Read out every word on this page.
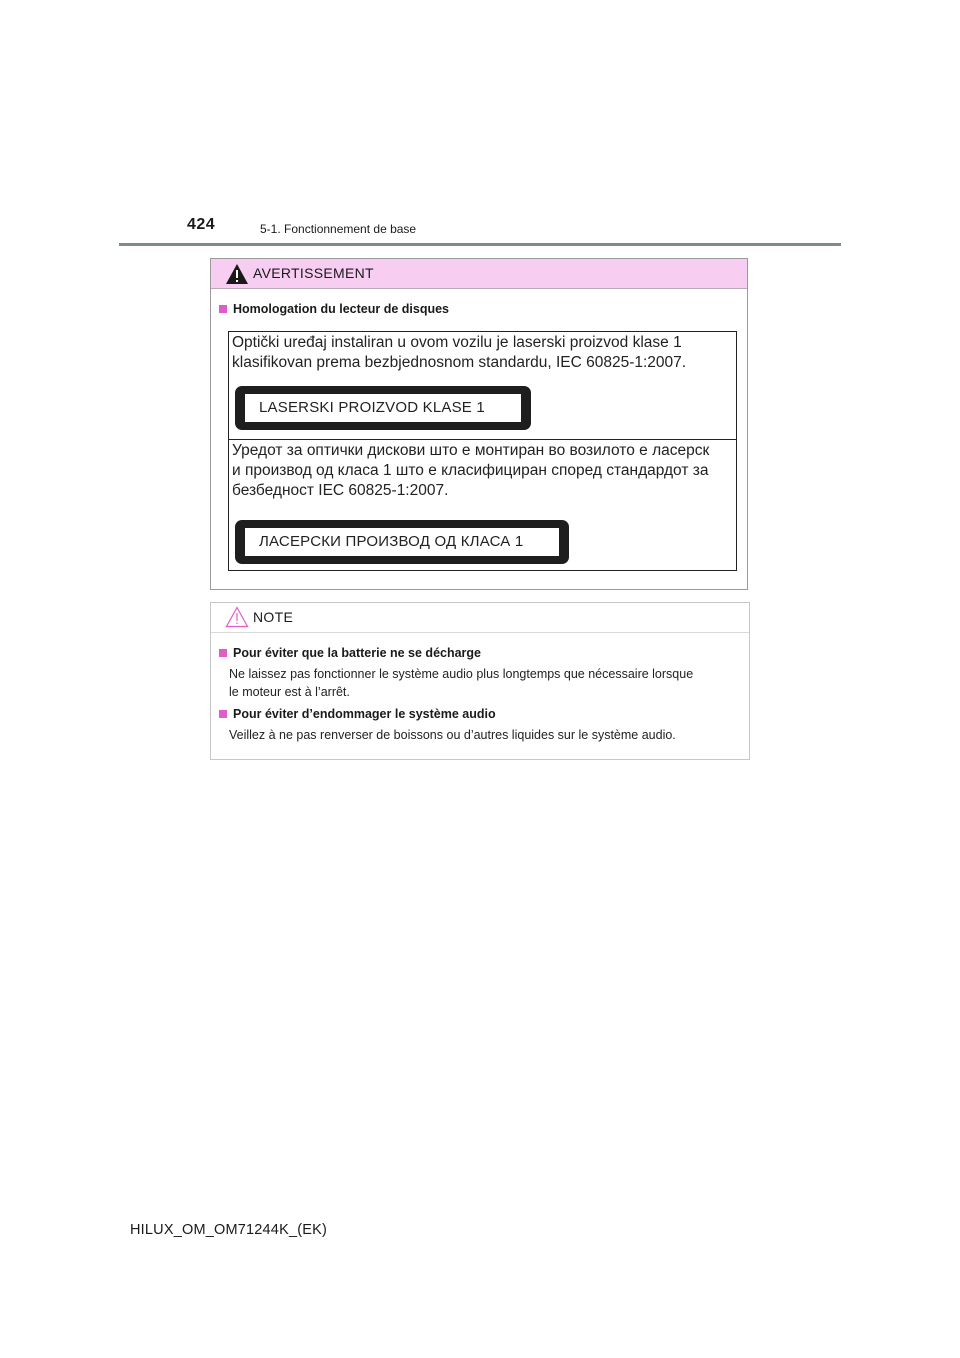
424	5-1. Fonctionnement de base
AVERTISSEMENT
Homologation du lecteur de disques
Optički uređaj instaliran u ovom vozilu je laserski proizvod klase 1
klasifikovan prema bezbjednosnom standardu, IEC 60825-1:2007.
LASERSKI PROIZVOD KLASE 1
Уредот за оптички дискови што е монтиран во возилото е ласерск
и производ од класа 1 што е класифициран според стандардот за
безбедност IEC 60825-1:2007.
ЛАСЕРСКИ ПРОИЗВОД ОД КЛАСА 1
NOTE
Pour éviter que la batterie ne se décharge
Ne laissez pas fonctionner le système audio plus longtemps que nécessaire lorsque
le moteur est à l’arrêt.
Pour éviter d’endommager le système audio
Veillez à ne pas renverser de boissons ou d’autres liquides sur le système audio.
HILUX_OM_OM71244K_(EK)
